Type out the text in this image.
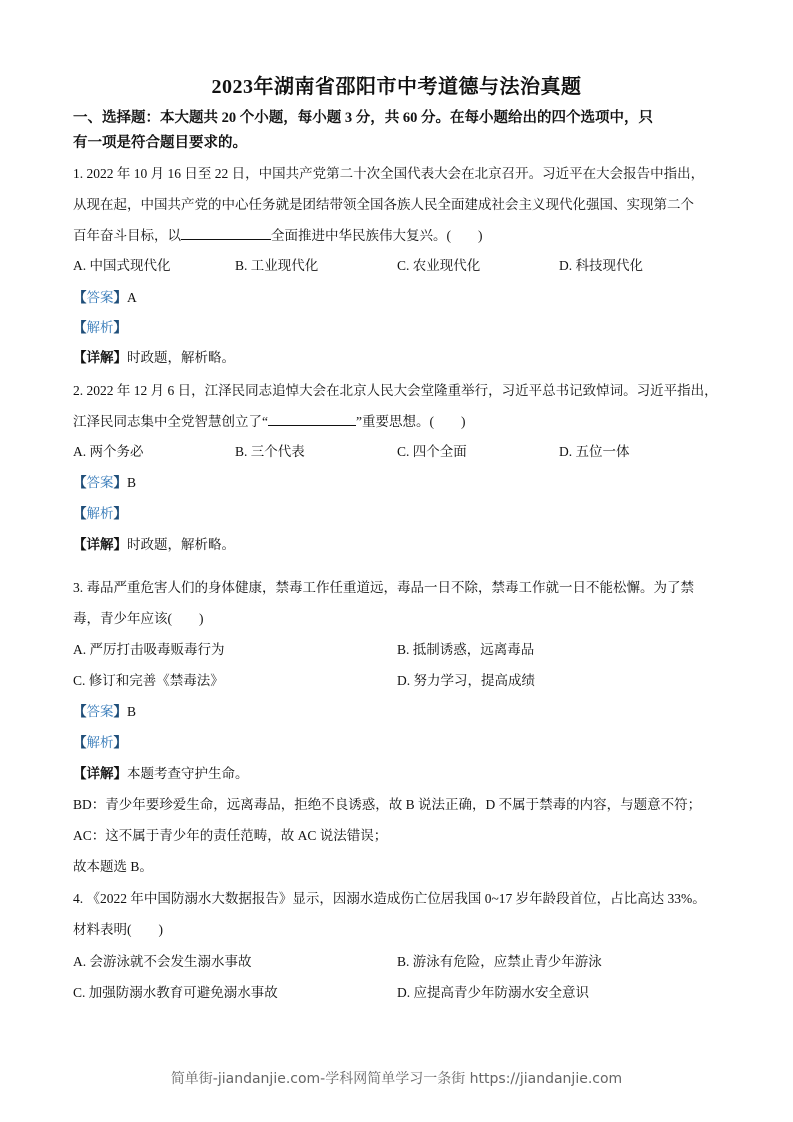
2023年湖南省邵阳市中考道德与法治真题
一、选择题：本大题共 20 个小题，每小题 3 分，共 60 分。在每小题给出的四个选项中，只
有一项是符合题目要求的。
1. 2022 年 10 月 16 日至 22 日，中国共产党第二十次全国代表大会在北京召开。习近平在大会报告中指出，
从现在起，中国共产党的中心任务就是团结带领全国各族人民全面建成社会主义现代化强国、实现第二个
百年奋斗目标，以	全面推进中华民族伟大复兴。(　　)
A. 中国式现代化	B. 工业现代化	C. 农业现代化	D. 科技现代化
【答案】A
【解析】
【详解】时政题，解析略。
2. 2022 年 12 月 6 日，江泽民同志追悼大会在北京人民大会堂隆重举行，习近平总书记致悼词。习近平指出，
江泽民同志集中全党智慧创立了“	”重要思想。(　　)
A. 两个务必	B. 三个代表	C. 四个全面	D. 五位一体
【答案】B
【解析】
【详解】时政题，解析略。
3. 毒品严重危害人们的身体健康，禁毒工作任重道远，毒品一日不除，禁毒工作就一日不能松懈。为了禁
毒，青少年应该(　　)
A. 严厉打击吸毒贩毒行为	B. 抵制诱惑，远离毒品
C. 修订和完善《禁毒法》	D. 努力学习，提高成绩
【答案】B
【解析】
【详解】本题考查守护生命。
BD：青少年要珍爱生命，远离毒品，拒绝不良诱惑，故 B 说法正确，D 不属于禁毒的内容，与题意不符；
AC：这不属于青少年的责任范畴，故 AC 说法错误；
故本题选 B。
4. 《2022 年中国防溺水大数据报告》显示，因溺水造成伤亡位居我国 0~17 岁年龄段首位，占比高达 33%。
材料表明(　　)
A. 会游泳就不会发生溺水事故	B. 游泳有危险，应禁止青少年游泳
C. 加强防溺水教育可避免溺水事故	D. 应提高青少年防溺水安全意识
简单街-jiandanjie.com-学科网简单学习一条街 https://jiandanjie.com
